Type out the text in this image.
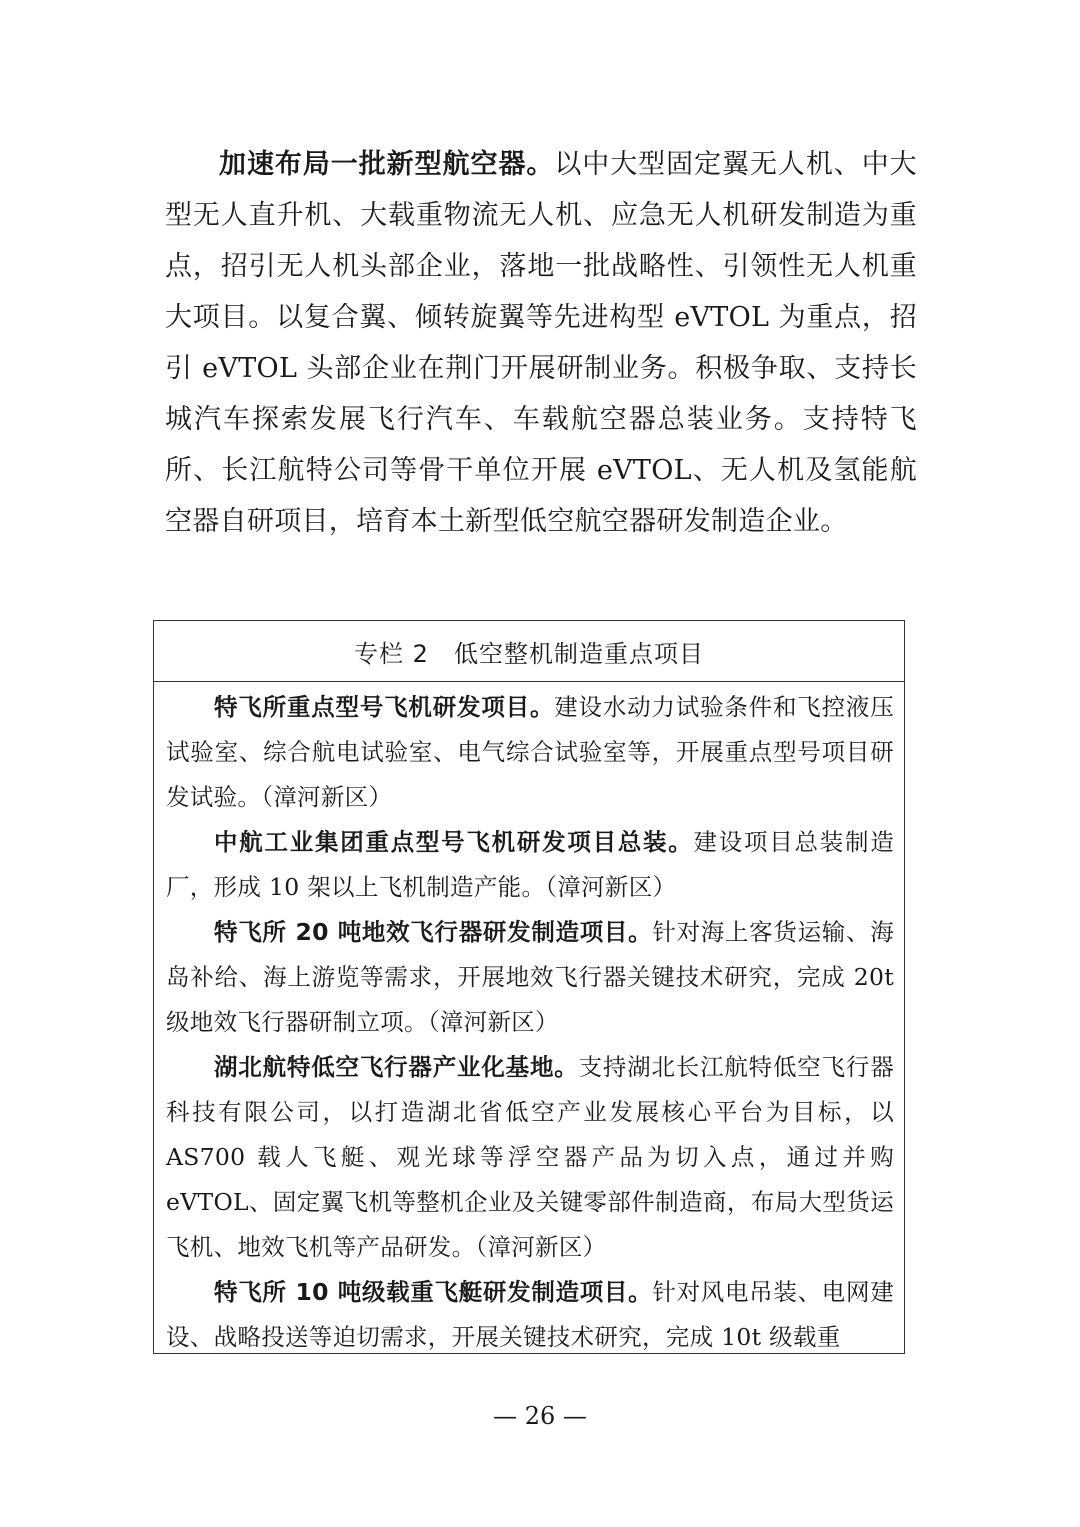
加速布局一批新型航空器。以中大型固定翼无人机、中大型无人直升机、大载重物流无人机、应急无人机研发制造为重点，招引无人机头部企业，落地一批战略性、引领性无人机重大项目。以复合翼、倾转旋翼等先进构型 eVTOL 为重点，招引 eVTOL 头部企业在荆门开展研制业务。积极争取、支持长城汽车探索发展飞行汽车、车载航空器总装业务。支持特飞所、长江航特公司等骨干单位开展 eVTOL、无人机及氢能航空器自研项目，培育本土新型低空航空器研发制造企业。

专栏 2　低空整机制造重点项目

特飞所重点型号飞机研发项目。建设水动力试验条件和飞控液压试验室、综合航电试验室、电气综合试验室等，开展重点型号项目研发试验。（漳河新区）

中航工业集团重点型号飞机研发项目总装。建设项目总装制造厂，形成 10 架以上飞机制造产能。（漳河新区）

特飞所 20 吨地效飞行器研发制造项目。针对海上客货运输、海岛补给、海上游览等需求，开展地效飞行器关键技术研究，完成 20t 级地效飞行器研制立项。（漳河新区）

湖北航特低空飞行器产业化基地。支持湖北长江航特低空飞行器科技有限公司，以打造湖北省低空产业发展核心平台为目标，以 AS700 载人飞艇、观光球等浮空器产品为切入点，通过并购 eVTOL、固定翼飞机等整机企业及关键零部件制造商，布局大型货运飞机、地效飞机等产品研发。（漳河新区）

特飞所 10 吨级载重飞艇研发制造项目。针对风电吊装、电网建设、战略投送等迫切需求，开展关键技术研究，完成 10t 级载重

— 26 —
